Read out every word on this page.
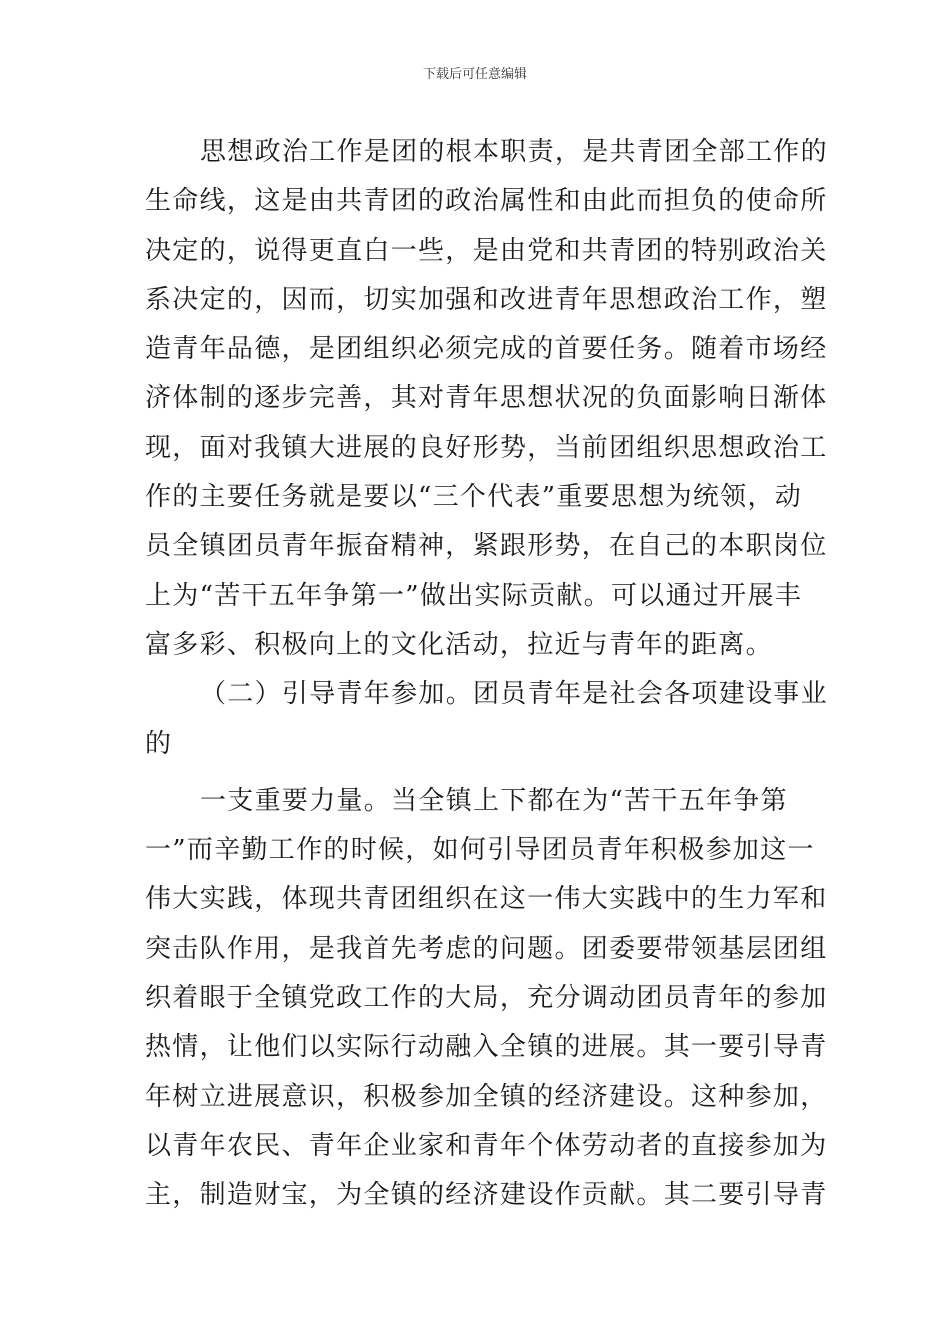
下载后可任意编辑
思想政治工作是团的根本职责，是共青团全部工作的
生命线，这是由共青团的政治属性和由此而担负的使命所
决定的，说得更直白一些，是由党和共青团的特别政治关
系决定的，因而，切实加强和改进青年思想政治工作，塑
造青年品德，是团组织必须完成的首要任务。随着市场经
济体制的逐步完善，其对青年思想状况的负面影响日渐体
现，面对我镇大进展的良好形势，当前团组织思想政治工
作的主要任务就是要以“三个代表”重要思想为统领，动
员全镇团员青年振奋精神，紧跟形势，在自己的本职岗位
上为“苦干五年争第一”做出实际贡献。可以通过开展丰
富多彩、积极向上的文化活动，拉近与青年的距离。
（二）引导青年参加。团员青年是社会各项建设事业
的
一支重要力量。当全镇上下都在为“苦干五年争第
一”而辛勤工作的时候，如何引导团员青年积极参加这一
伟大实践，体现共青团组织在这一伟大实践中的生力军和
突击队作用，是我首先考虑的问题。团委要带领基层团组
织着眼于全镇党政工作的大局，充分调动团员青年的参加
热情，让他们以实际行动融入全镇的进展。其一要引导青
年树立进展意识，积极参加全镇的经济建设。这种参加，
以青年农民、青年企业家和青年个体劳动者的直接参加为
主，制造财宝，为全镇的经济建设作贡献。其二要引导青
